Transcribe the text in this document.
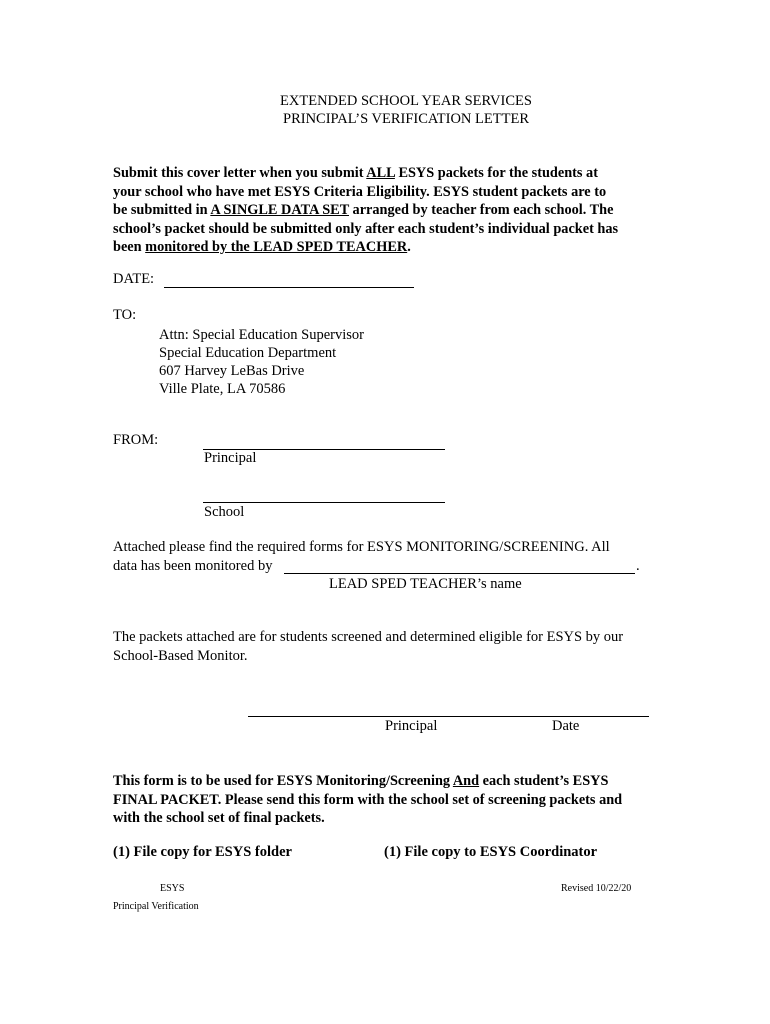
EXTENDED SCHOOL YEAR SERVICES
PRINCIPAL’S VERIFICATION LETTER
Submit this cover letter when you submit ALL ESYS packets for the students at
your school who have met ESYS Criteria Eligibility. ESYS student packets are to
be submitted in A SINGLE DATA SET arranged by teacher from each school. The
school’s packet should be submitted only after each student’s individual packet has
been monitored by the LEAD SPED TEACHER.
DATE:
TO:
Attn: Special Education Supervisor
Special Education Department
607 Harvey LeBas Drive
Ville Plate, LA 70586
FROM:
Principal
School
Attached please find the required forms for ESYS MONITORING/SCREENING. All
data has been monitored by	.
LEAD SPED TEACHER’s name
The packets attached are for students screened and determined eligible for ESYS by our
School-Based Monitor.
Principal	Date
This form is to be used for ESYS Monitoring/Screening And each student’s ESYS
FINAL PACKET. Please send this form with the school set of screening packets and
with the school set of final packets.
(1) File copy for ESYS folder	(1) File copy to ESYS Coordinator
ESYS
Principal Verification
Revised 10/22/20
